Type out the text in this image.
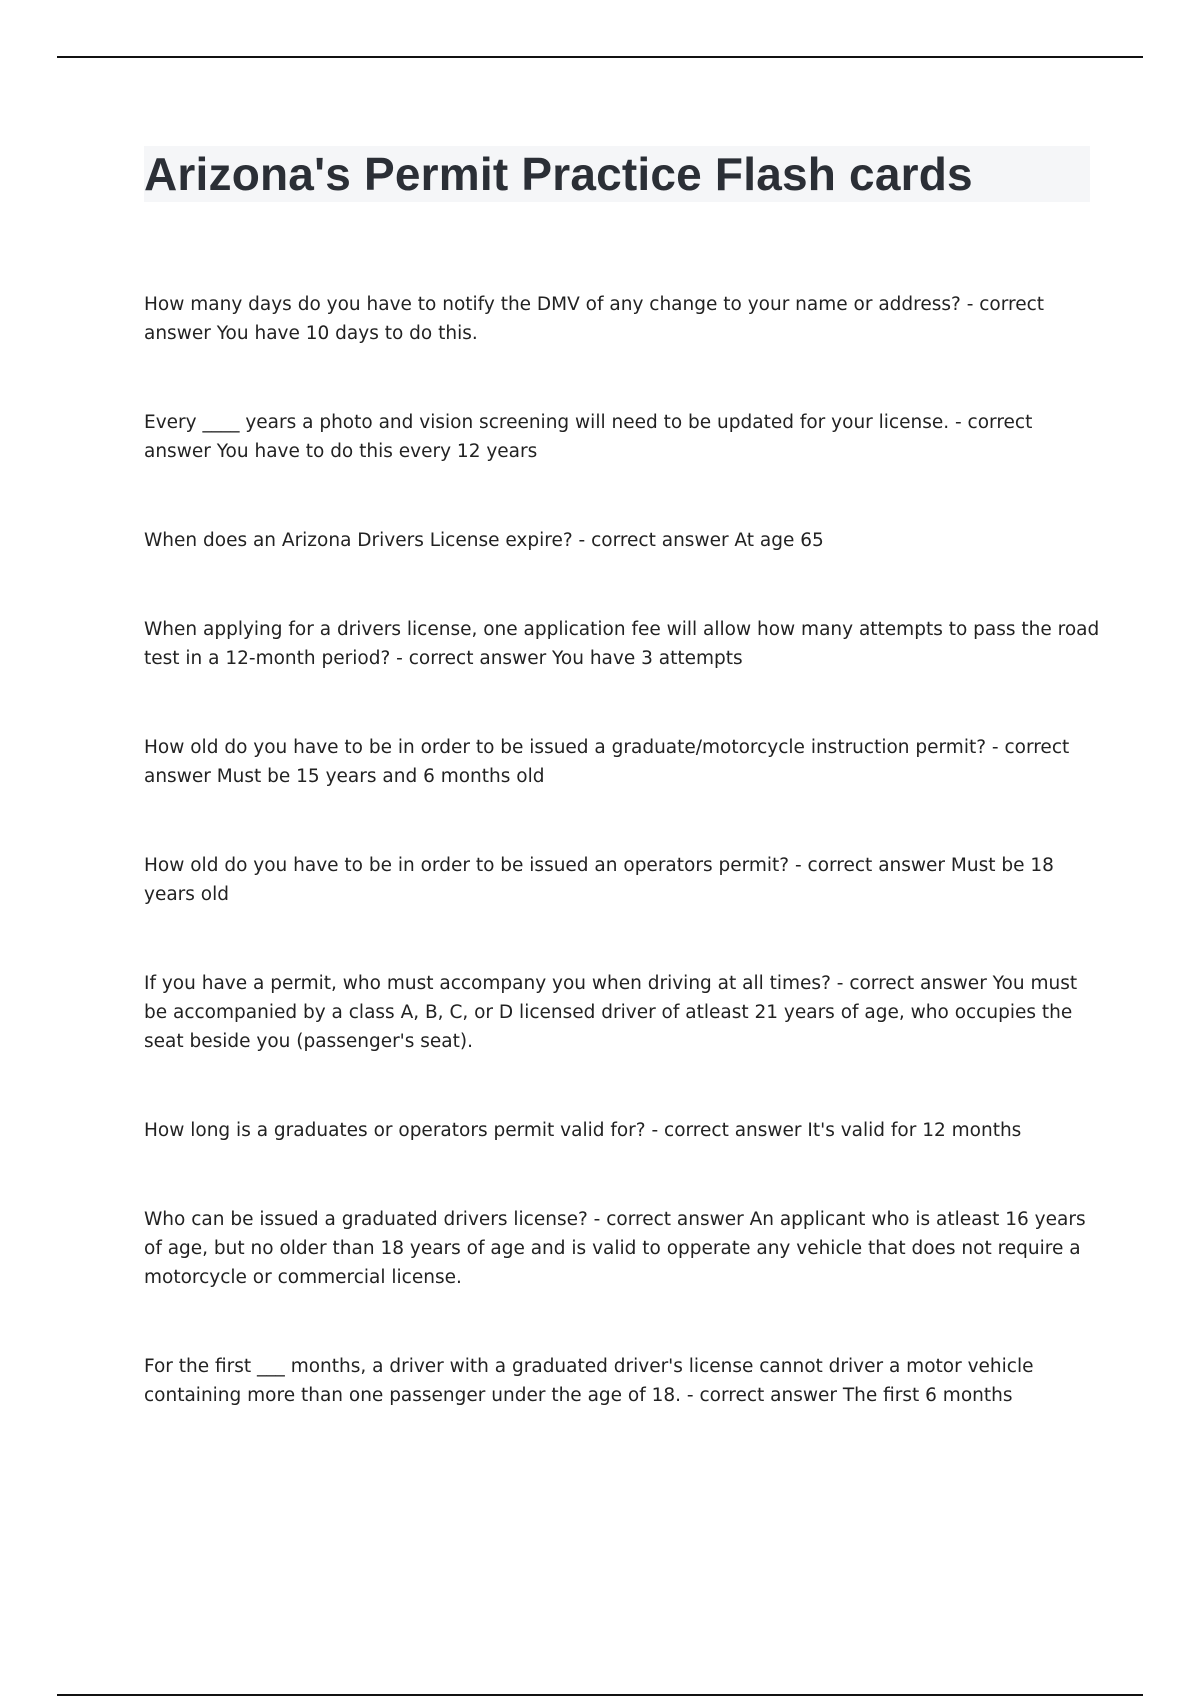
Arizona's Permit Practice Flash cards

How many days do you have to notify the DMV of any change to your name or address? - correct answer You have 10 days to do this.

Every ____ years a photo and vision screening will need to be updated for your license. - correct answer You have to do this every 12 years

When does an Arizona Drivers License expire? - correct answer At age 65

When applying for a drivers license, one application fee will allow how many attempts to pass the road test in a 12-month period? - correct answer You have 3 attempts

How old do you have to be in order to be issued a graduate/motorcycle instruction permit? - correct answer Must be 15 years and 6 months old

How old do you have to be in order to be issued an operators permit? - correct answer Must be 18 years old

If you have a permit, who must accompany you when driving at all times? - correct answer You must be accompanied by a class A, B, C, or D licensed driver of atleast 21 years of age, who occupies the seat beside you (passenger's seat).

How long is a graduates or operators permit valid for? - correct answer It's valid for 12 months

Who can be issued a graduated drivers license? - correct answer An applicant who is atleast 16 years of age, but no older than 18 years of age and is valid to opperate any vehicle that does not require a motorcycle or commercial license.

For the first ___ months, a driver with a graduated driver's license cannot driver a motor vehicle containing more than one passenger under the age of 18. - correct answer The first 6 months
